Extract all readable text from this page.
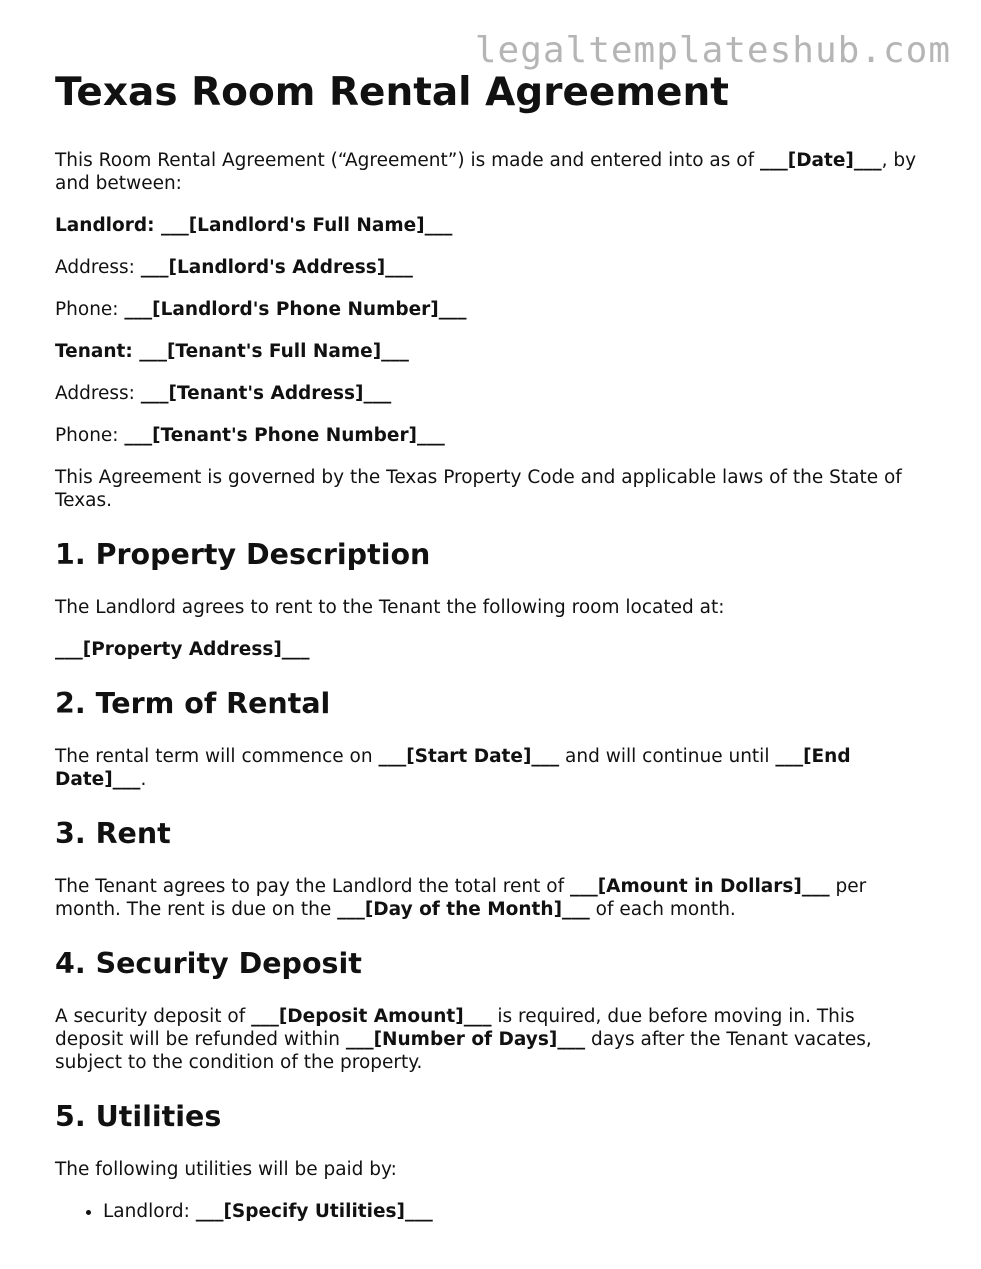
legaltemplateshub.com
Texas Room Rental Agreement

This Room Rental Agreement (“Agreement”) is made and entered into as of ___[Date]___, by and between:

Landlord: ___[Landlord's Full Name]___

Address: ___[Landlord's Address]___

Phone: ___[Landlord's Phone Number]___

Tenant: ___[Tenant's Full Name]___

Address: ___[Tenant's Address]___

Phone: ___[Tenant's Phone Number]___

This Agreement is governed by the Texas Property Code and applicable laws of the State of Texas.

1. Property Description

The Landlord agrees to rent to the Tenant the following room located at:

___[Property Address]___

2. Term of Rental

The rental term will commence on ___[Start Date]___ and will continue until ___[End Date]___.

3. Rent

The Tenant agrees to pay the Landlord the total rent of ___[Amount in Dollars]___ per month. The rent is due on the ___[Day of the Month]___ of each month.

4. Security Deposit

A security deposit of ___[Deposit Amount]___ is required, due before moving in. This deposit will be refunded within ___[Number of Days]___ days after the Tenant vacates, subject to the condition of the property.

5. Utilities

The following utilities will be paid by:

• Landlord: ___[Specify Utilities]___
